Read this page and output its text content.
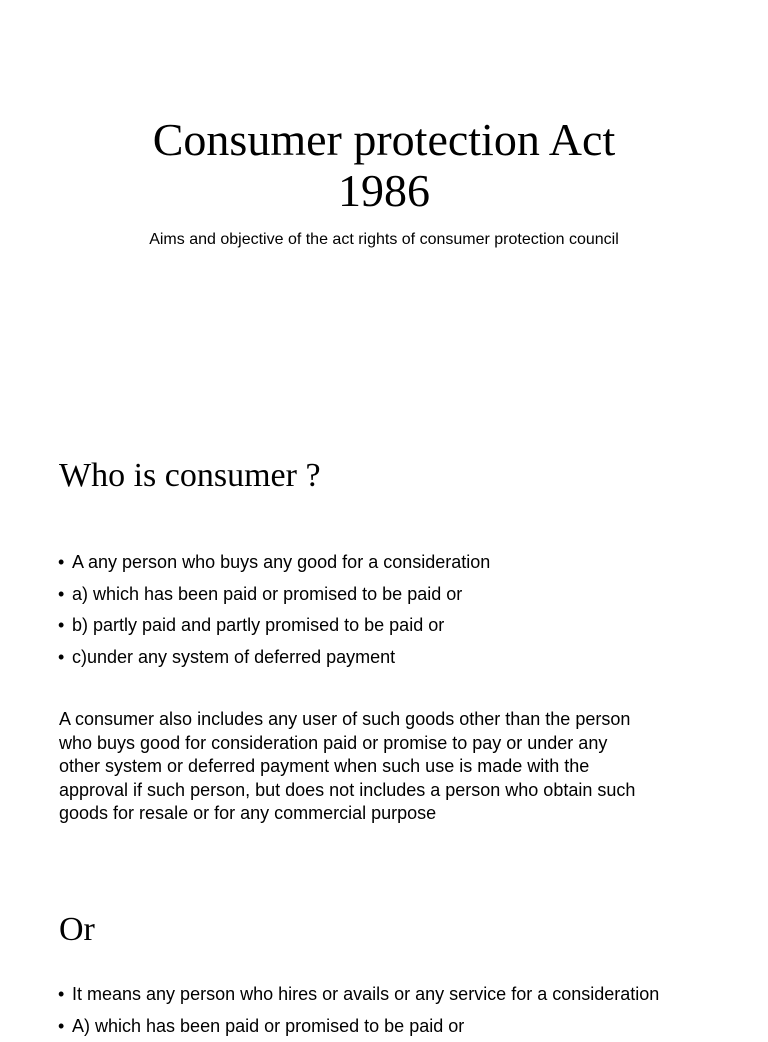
Consumer protection Act
1986

Aims and objective of the act rights of consumer protection council

Who is consumer ?
• A any person who buys any good for a consideration
• a) which has been paid or promised to be paid or
• b) partly paid and partly promised to be paid or
• c)under any system of deferred payment
A consumer also includes any user of such goods other than the person
who buys good for consideration paid or promise to pay or under any
other system or deferred payment when such use is made with the
approval if such person, but does not includes a person who obtain such
goods for resale or for any commercial purpose
Or
• It means any person who hires or avails or any service for a consideration
• A) which has been paid or promised to be paid or
